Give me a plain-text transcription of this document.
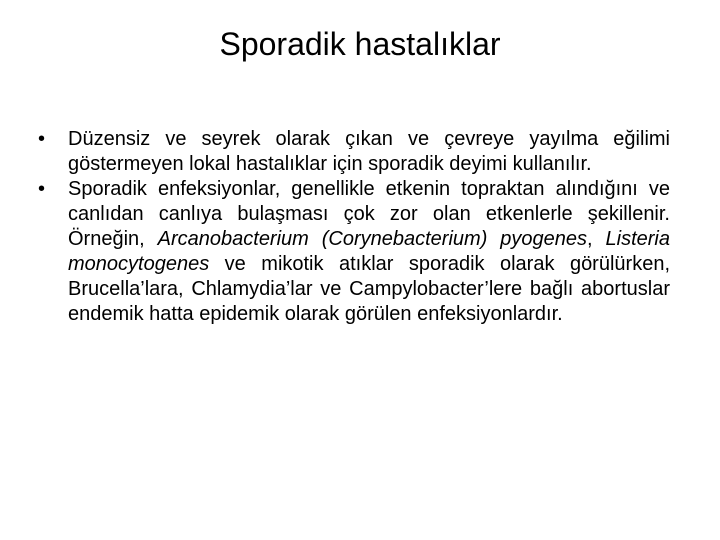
Sporadik hastalıklar
•	Düzensiz ve seyrek olarak çıkan ve çevreye yayılma eğilimi göstermeyen lokal hastalıklar için sporadik deyimi kullanılır.
•	Sporadik enfeksiyonlar, genellikle etkenin topraktan alındığını ve canlıdan canlıya bulaşması çok zor olan etkenlerle şekillenir. Örneğin, Arcanobacterium (Corynebacterium) pyogenes, Listeria monocytogenes ve mikotik atıklar sporadik olarak görülürken, Brucella’lara, Chlamydia’lar ve Campylobacter’lere bağlı abortuslar endemik hatta epidemik olarak görülen enfeksiyonlardır.
